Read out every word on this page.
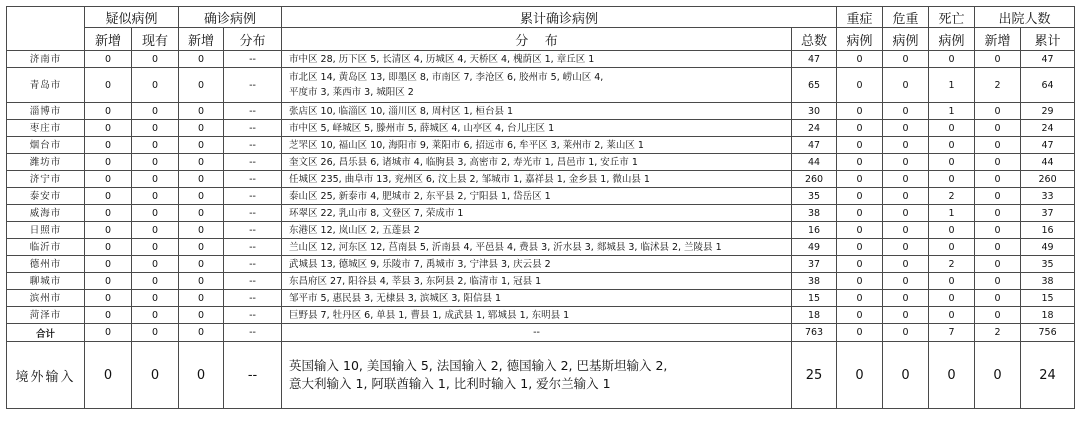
	疑似病例		确诊病例		累计确诊病例		重症	危重	死亡	出院人数	
	新增	现有	新增	分布	分    布	总数	病例	病例	病例	新增	累计
济南市	0	0	0	--	市中区 28, 历下区 5, 长清区 4, 历城区 4, 天桥区 4, 槐荫区 1, 章丘区 1	47	0	0	0	0	47
青岛市	0	0	0	--	市北区 14, 黄岛区 13, 即墨区 8, 市南区 7, 李沧区 6, 胶州市 5, 崂山区 4,
平度市 3, 莱西市 3, 城阳区 2	65	0	0	1	2	64
淄博市	0	0	0	--	张店区 10, 临淄区 10, 淄川区 8, 周村区 1, 桓台县 1	30	0	0	1	0	29
枣庄市	0	0	0	--	市中区 5, 峄城区 5, 滕州市 5, 薛城区 4, 山亭区 4, 台儿庄区 1	24	0	0	0	0	24
烟台市	0	0	0	--	芝罘区 10, 福山区 10, 海阳市 9, 莱阳市 6, 招远市 6, 牟平区 3, 莱州市 2, 莱山区 1	47	0	0	0	0	47
潍坊市	0	0	0	--	奎文区 26, 昌乐县 6, 诸城市 4, 临朐县 3, 高密市 2, 寿光市 1, 昌邑市 1, 安丘市 1	44	0	0	0	0	44
济宁市	0	0	0	--	任城区 235, 曲阜市 13, 兖州区 6, 汶上县 2, 邹城市 1, 嘉祥县 1, 金乡县 1, 微山县 1	260	0	0	0	0	260
泰安市	0	0	0	--	泰山区 25, 新泰市 4, 肥城市 2, 东平县 2, 宁阳县 1, 岱岳区 1	35	0	0	2	0	33
威海市	0	0	0	--	环翠区 22, 乳山市 8, 文登区 7, 荣成市 1	38	0	0	1	0	37
日照市	0	0	0	--	东港区 12, 岚山区 2, 五莲县 2	16	0	0	0	0	16
临沂市	0	0	0	--	兰山区 12, 河东区 12, 莒南县 5, 沂南县 4, 平邑县 4, 费县 3, 沂水县 3, 郯城县 3, 临沭县 2, 兰陵县 1	49	0	0	0	0	49
德州市	0	0	0	--	武城县 13, 德城区 9, 乐陵市 7, 禹城市 3, 宁津县 3, 庆云县 2	37	0	0	2	0	35
聊城市	0	0	0	--	东昌府区 27, 阳谷县 4, 莘县 3, 东阿县 2, 临清市 1, 冠县 1	38	0	0	0	0	38
滨州市	0	0	0	--	邹平市 5, 惠民县 3, 无棣县 3, 滨城区 3, 阳信县 1	15	0	0	0	0	15
菏泽市	0	0	0	--	巨野县 7, 牡丹区 6, 单县 1, 曹县 1, 成武县 1, 郓城县 1, 东明县 1	18	0	0	0	0	18
合计	0	0	0	--	--	763	0	0	7	2	756
境外输入	0	0	0	--	英国输入 10, 美国输入 5, 法国输入 2, 德国输入 2, 巴基斯坦输入 2,
意大利输入 1, 阿联酋输入 1, 比利时输入 1, 爱尔兰输入 1	25	0	0	0	0	24
